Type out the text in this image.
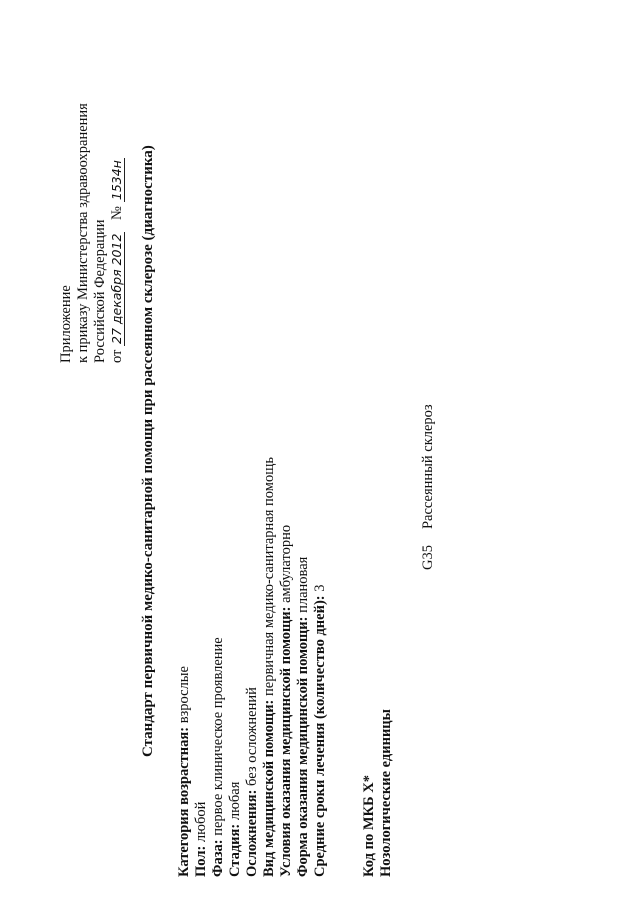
Приложение к приказу Министерства здравоохранения Российской Федерации от 27 декабря 2012 №1534н Стандарт первичной медико-санитарной помощи при рассеянном склерозе (диагностика)
Категория возрастная: взрослые
Пол: любой
Фаза: первое клиническое проявление
Стадия: любая Осложнения: без осложнений Вид медицинской помощи: первичная медико-санитарная помощь
Условия оказания медицинской помощи: амбулаторно
Форма оказания медицинской помощи: плановая
Средние сроки лечения (количество дней): 3
Код по МКБ X* Нозологические единицы
G35Рассеянный склероз
